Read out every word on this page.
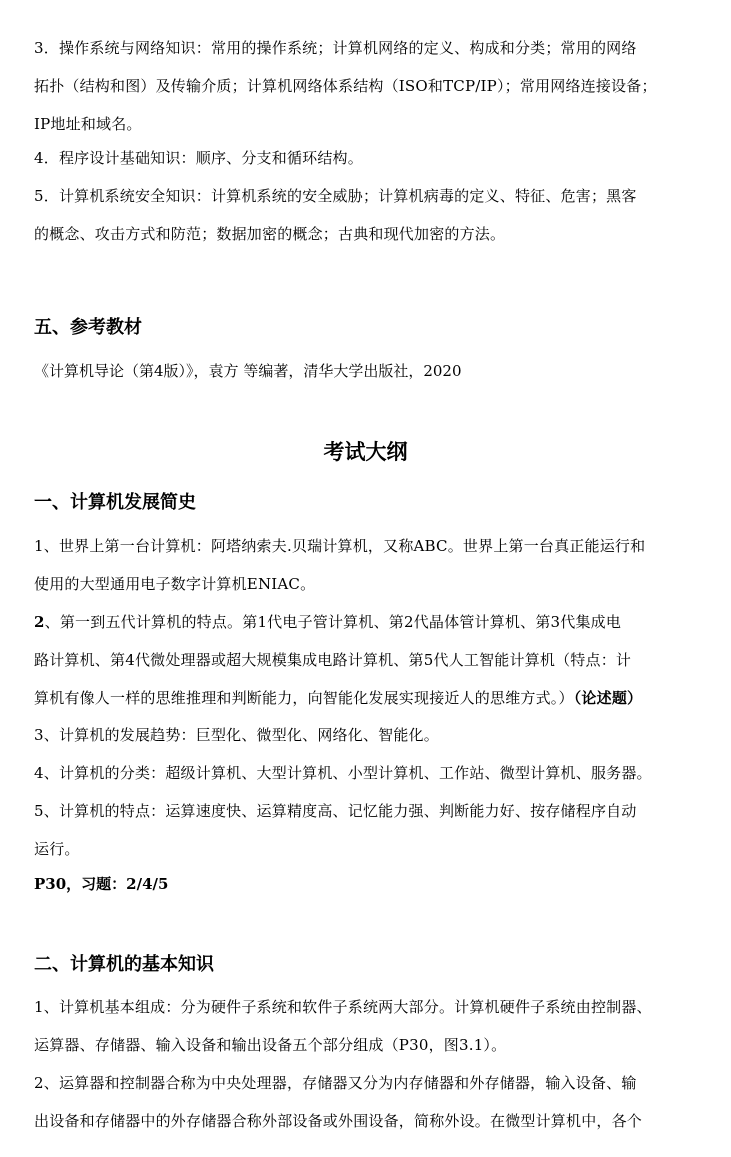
3．操作系统与网络知识：常用的操作系统；计算机网络的定义、构成和分类；常用的网络
拓扑（结构和图）及传输介质；计算机网络体系结构（ISO和TCP/IP）；常用网络连接设备；
IP地址和域名。
4．程序设计基础知识：顺序、分支和循环结构。
5．计算机系统安全知识：计算机系统的安全威胁；计算机病毒的定义、特征、危害；黑客
的概念、攻击方式和防范；数据加密的概念；古典和现代加密的方法。
五、参考教材

《计算机导论（第4版）》，袁方 等编著，清华大学出版社，2020

考试大纲
一、计算机发展简史
1、世界上第一台计算机：阿塔纳索夫.贝瑞计算机，又称ABC。世界上第一台真正能运行和
使用的大型通用电子数字计算机ENIAC。
2、第一到五代计算机的特点。第1代电子管计算机、第2代晶体管计算机、第3代集成电
路计算机、第4代微处理器或超大规模集成电路计算机、第5代人工智能计算机（特点：计
算机有像人一样的思维推理和判断能力，向智能化发展实现接近人的思维方式。）（论述题）
3、计算机的发展趋势：巨型化、微型化、网络化、智能化。
4、计算机的分类：超级计算机、大型计算机、小型计算机、工作站、微型计算机、服务器。
5、计算机的特点：运算速度快、运算精度高、记忆能力强、判断能力好、按存储程序自动
运行。

P30，习题：2/4/5

二、计算机的基本知识
1、计算机基本组成：分为硬件子系统和软件子系统两大部分。计算机硬件子系统由控制器、
运算器、存储器、输入设备和输出设备五个部分组成（P30，图3.1）。
2、运算器和控制器合称为中央处理器，存储器又分为内存储器和外存储器，输入设备、输
出设备和存储器中的外存储器合称外部设备或外围设备，简称外设。在微型计算机中，各个
